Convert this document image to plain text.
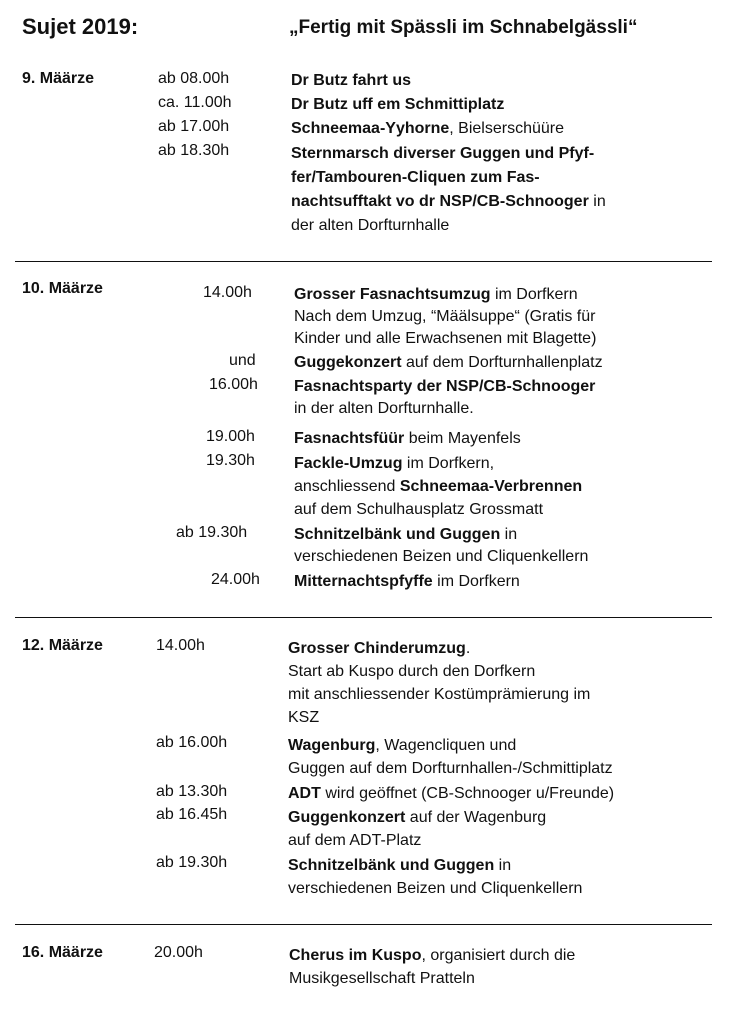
Sujet 2019:	„Fertig mit Spässli im Schnabelgässli“
9. Määrze	ab 08.00h	Dr Butz fahrt us
ca. 11.00h	Dr Butz uff em Schmittiplatz
ab 17.00h	Schneemaa-Yyhorne, Bielserschüüre
ab 18.30h	Sternmarsch diverser Guggen und Pfyf-
fer/Tambouren-Cliquen zum Fas-
nachtsufftakt vo dr NSP/CB-Schnooger in
der alten Dorfturnhalle
10. Määrze	14.00h	Grosser Fasnachtsumzug im Dorfkern
Nach dem Umzug, “Määlsuppe“ (Gratis für
Kinder und alle Erwachsenen mit Blagette)
und Guggekonzert auf dem Dorfturnhallenplatz
16.00h Fasnachtsparty der NSP/CB-Schnooger
in der alten Dorfturnhalle.
19.00h Fasnachtsfüür beim Mayenfels
19.30h Fackle-Umzug im Dorfkern,
anschliessend Schneemaa-Verbrennen
auf dem Schulhausplatz Grossmatt
ab 19.30h	Schnitzelbänk und Guggen in
verschiedenen Beizen und Cliquenkellern
24.00h Mitternachtspfyffe im Dorfkern
12. Määrze	14.00h	Grosser Chinderumzug.
Start ab Kuspo durch den Dorfkern
mit anschliessender Kostümprämierung im
KSZ
ab 16.00h	Wagenburg, Wagencliquen und
Guggen auf dem Dorfturnhallen-/Schmittiplatz
ab 13.30h	ADT wird geöffnet (CB-Schnooger u/Freunde)
ab 16.45h	Guggenkonzert auf der Wagenburg
auf dem ADT-Platz
ab 19.30h	Schnitzelbänk und Guggen in
verschiedenen Beizen und Cliquenkellern
16. Määrze	20.00h	Cherus im Kuspo, organisiert durch die
Musikgesellschaft Pratteln
